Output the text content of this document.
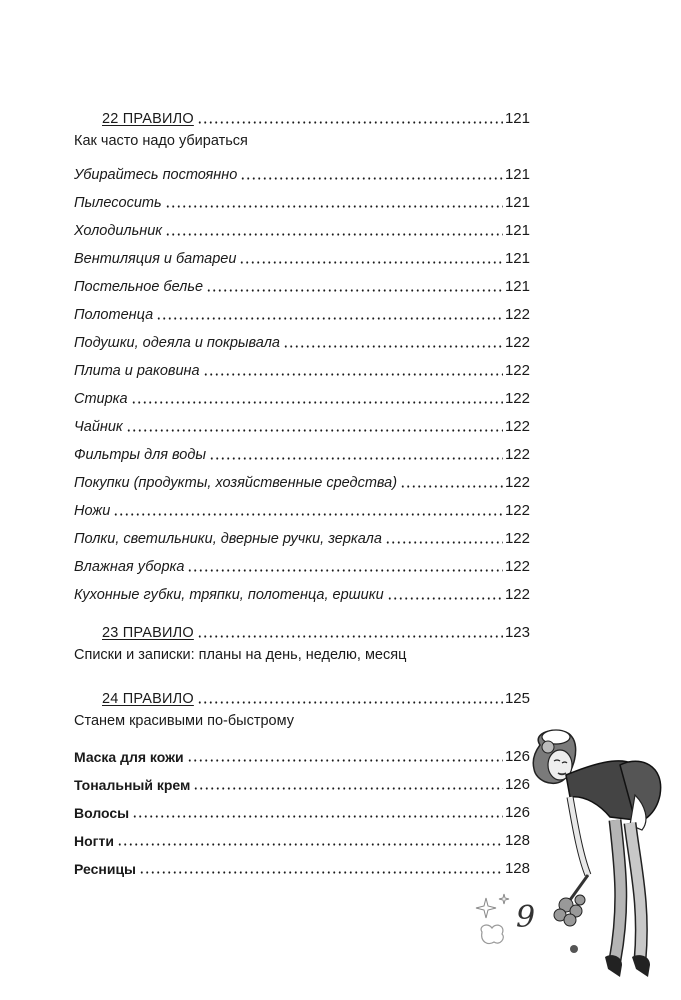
22 ПРАВИЛО	121
Как часто надо убираться
Убирайтесь постоянно	121
Пылесосить	121
Холодильник	121
Вентиляция и батареи	121
Постельное белье	121
Полотенца	122
Подушки, одеяла и покрывала	122
Плита и раковина	122
Стирка	122
Чайник	122
Фильтры для воды	122
Покупки (продукты, хозяйственные средства)	122
Ножи	122
Полки, светильники, дверные ручки, зеркала	122
Влажная уборка	122
Кухонные губки, тряпки, полотенца, ершики	122
23 ПРАВИЛО	123
Списки и записки: планы на день, неделю, месяц
24 ПРАВИЛО	125
Станем красивыми по-быстрому
Маска для кожи	126
Тональный крем	126
Волосы	126
Ногти	128
Ресницы	128
9
